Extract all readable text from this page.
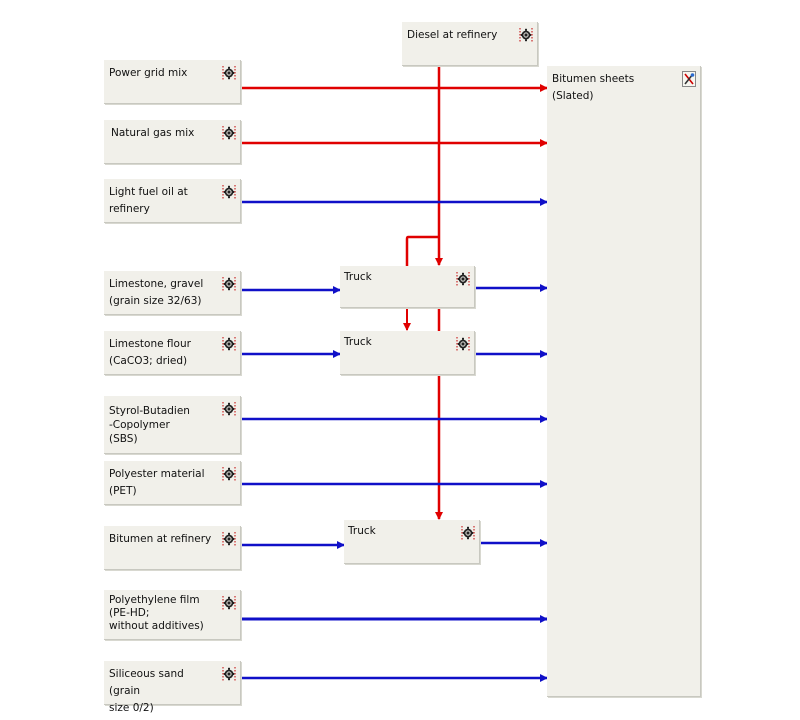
Bitumen sheets (Slated)
Diesel at refinery
Power grid mix
Natural gas mix
Light fuel oil at
refinery
Limestone, gravel
(grain size 32/63)
Limestone flour
(CaCO3; dried)
Styrol-Butadien
-Copolymer
(SBS)
Polyester material
(PET)
Bitumen at refinery
Polyethylene film
(PE-HD;
without additives)
Siliceous sand (grain
size 0/2)
Truck
Truck
Truck
